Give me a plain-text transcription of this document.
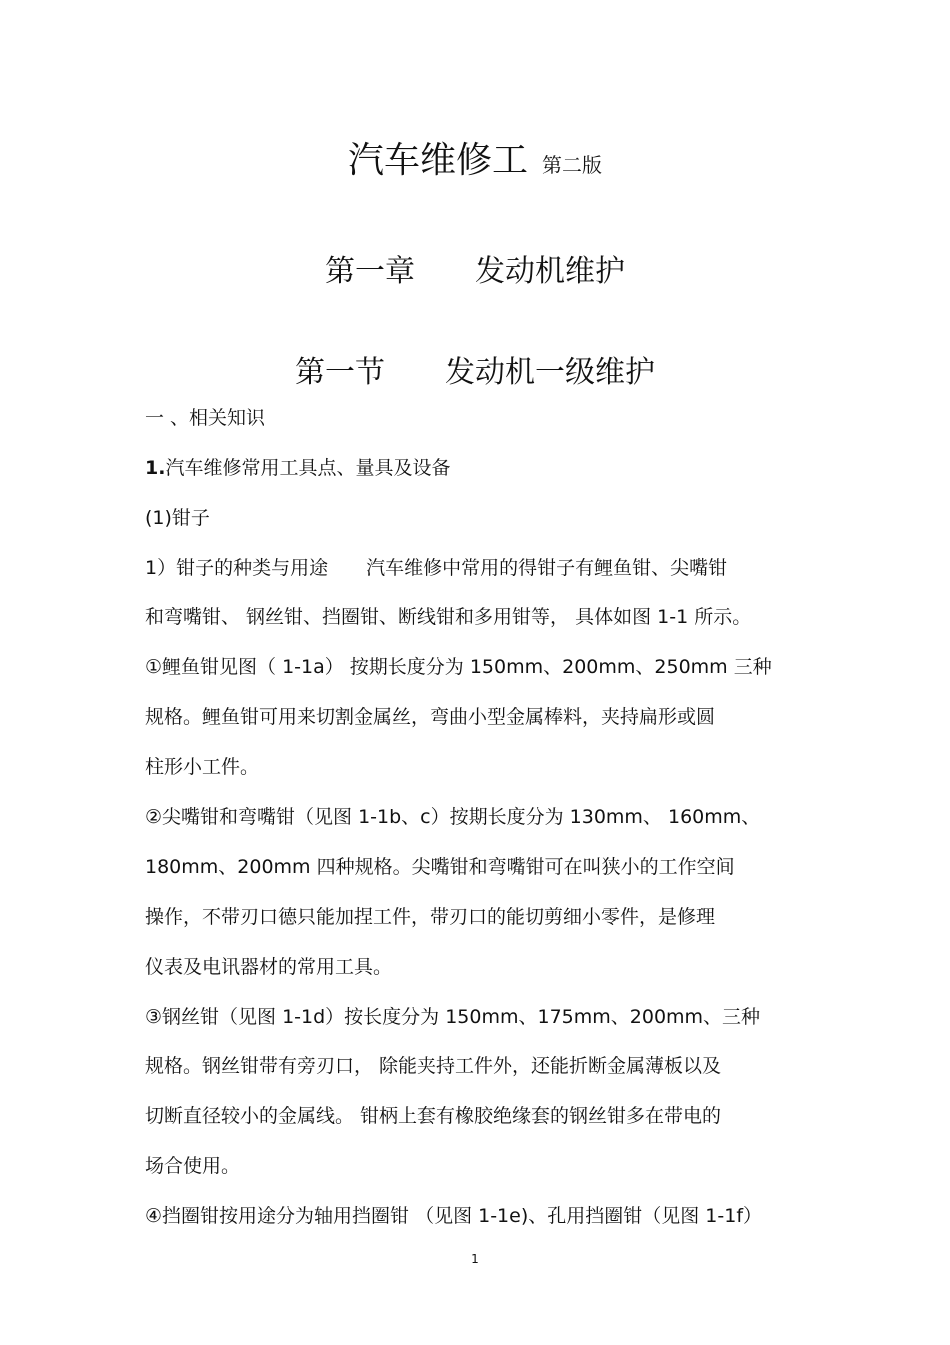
汽车维修工 第二版
第一章 发动机维护
第一节 发动机一级维护
一 、相关知识
1.汽车维修常用工具点、量具及设备
(1)钳子
1）钳子的种类与用途　　汽车维修中常用的得钳子有鲤鱼钳、尖嘴钳
和弯嘴钳、 钢丝钳、挡圈钳、断线钳和多用钳等， 具体如图 1-1 所示。
①鲤鱼钳见图（ 1-1a） 按期长度分为 150mm、200mm、250mm 三种
规格。鲤鱼钳可用来切割金属丝，弯曲小型金属棒料，夹持扁形或圆
柱形小工件。
②尖嘴钳和弯嘴钳（见图 1-1b、c）按期长度分为 130mm、 160mm、
180mm、200mm 四种规格。尖嘴钳和弯嘴钳可在叫狭小的工作空间
操作，不带刃口德只能加捏工件，带刃口的能切剪细小零件，是修理
仪表及电讯器材的常用工具。
③钢丝钳（见图 1-1d）按长度分为 150mm、175mm、200mm、三种
规格。钢丝钳带有旁刃口， 除能夹持工件外，还能折断金属薄板以及
切断直径较小的金属线。 钳柄上套有橡胶绝缘套的钢丝钳多在带电的
场合使用。
④挡圈钳按用途分为轴用挡圈钳 （见图 1-1e)、孔用挡圈钳（见图 1-1f）
1
